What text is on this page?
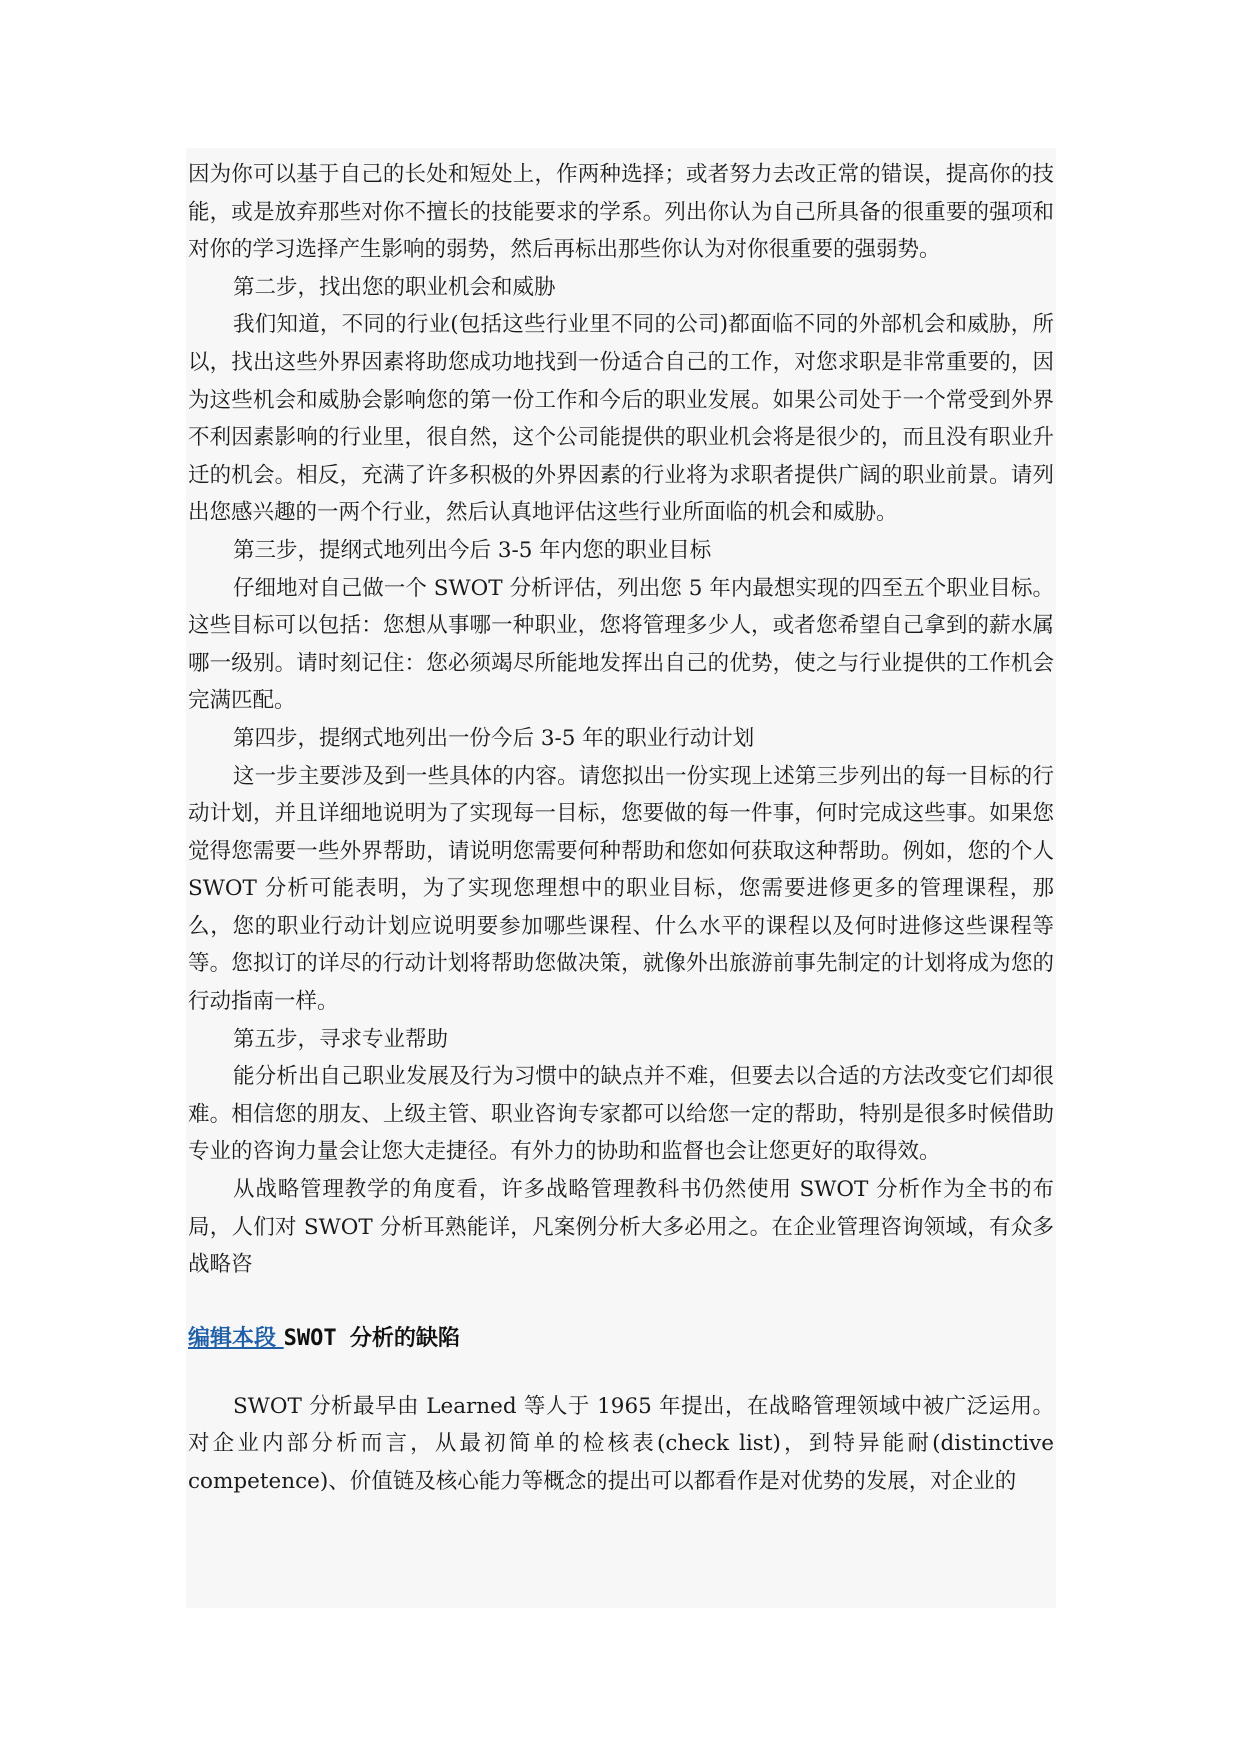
因为你可以基于自己的长处和短处上，作两种选择；或者努力去改正常的错误，提高你的技能，或是放弃那些对你不擅长的技能要求的学系。列出你认为自己所具备的很重要的强项和对你的学习选择产生影响的弱势，然后再标出那些你认为对你很重要的强弱势。

第二步，找出您的职业机会和威胁

我们知道，不同的行业(包括这些行业里不同的公司)都面临不同的外部机会和威胁，所以，找出这些外界因素将助您成功地找到一份适合自己的工作，对您求职是非常重要的，因为这些机会和威胁会影响您的第一份工作和今后的职业发展。如果公司处于一个常受到外界不利因素影响的行业里，很自然，这个公司能提供的职业机会将是很少的，而且没有职业升迁的机会。相反，充满了许多积极的外界因素的行业将为求职者提供广阔的职业前景。请列出您感兴趣的一两个行业，然后认真地评估这些行业所面临的机会和威胁。

第三步，提纲式地列出今后 3-5 年内您的职业目标

仔细地对自己做一个 SWOT 分析评估，列出您 5 年内最想实现的四至五个职业目标。这些目标可以包括：您想从事哪一种职业，您将管理多少人，或者您希望自己拿到的薪水属哪一级别。请时刻记住：您必须竭尽所能地发挥出自己的优势，使之与行业提供的工作机会完满匹配。

第四步，提纲式地列出一份今后 3-5 年的职业行动计划

这一步主要涉及到一些具体的内容。请您拟出一份实现上述第三步列出的每一目标的行动计划，并且详细地说明为了实现每一目标，您要做的每一件事，何时完成这些事。如果您觉得您需要一些外界帮助，请说明您需要何种帮助和您如何获取这种帮助。例如，您的个人 SWOT 分析可能表明，为了实现您理想中的职业目标，您需要进修更多的管理课程，那么，您的职业行动计划应说明要参加哪些课程、什么水平的课程以及何时进修这些课程等等。您拟订的详尽的行动计划将帮助您做决策，就像外出旅游前事先制定的计划将成为您的行动指南一样。

第五步，寻求专业帮助

能分析出自己职业发展及行为习惯中的缺点并不难，但要去以合适的方法改变它们却很难。相信您的朋友、上级主管、职业咨询专家都可以给您一定的帮助，特别是很多时候借助专业的咨询力量会让您大走捷径。有外力的协助和监督也会让您更好的取得效。

从战略管理教学的角度看，许多战略管理教科书仍然使用 SWOT 分析作为全书的布局，人们对 SWOT 分析耳熟能详，凡案例分析大多必用之。在企业管理咨询领域，有众多战略咨

编辑本段 SWOT 分析的缺陷

SWOT 分析最早由 Learned 等人于 1965 年提出，在战略管理领域中被广泛运用。对企业内部分析而言，从最初简单的检核表(check list)，到特异能耐(distinctive competence)、价值链及核心能力等概念的提出可以都看作是对优势的发展，对企业的
